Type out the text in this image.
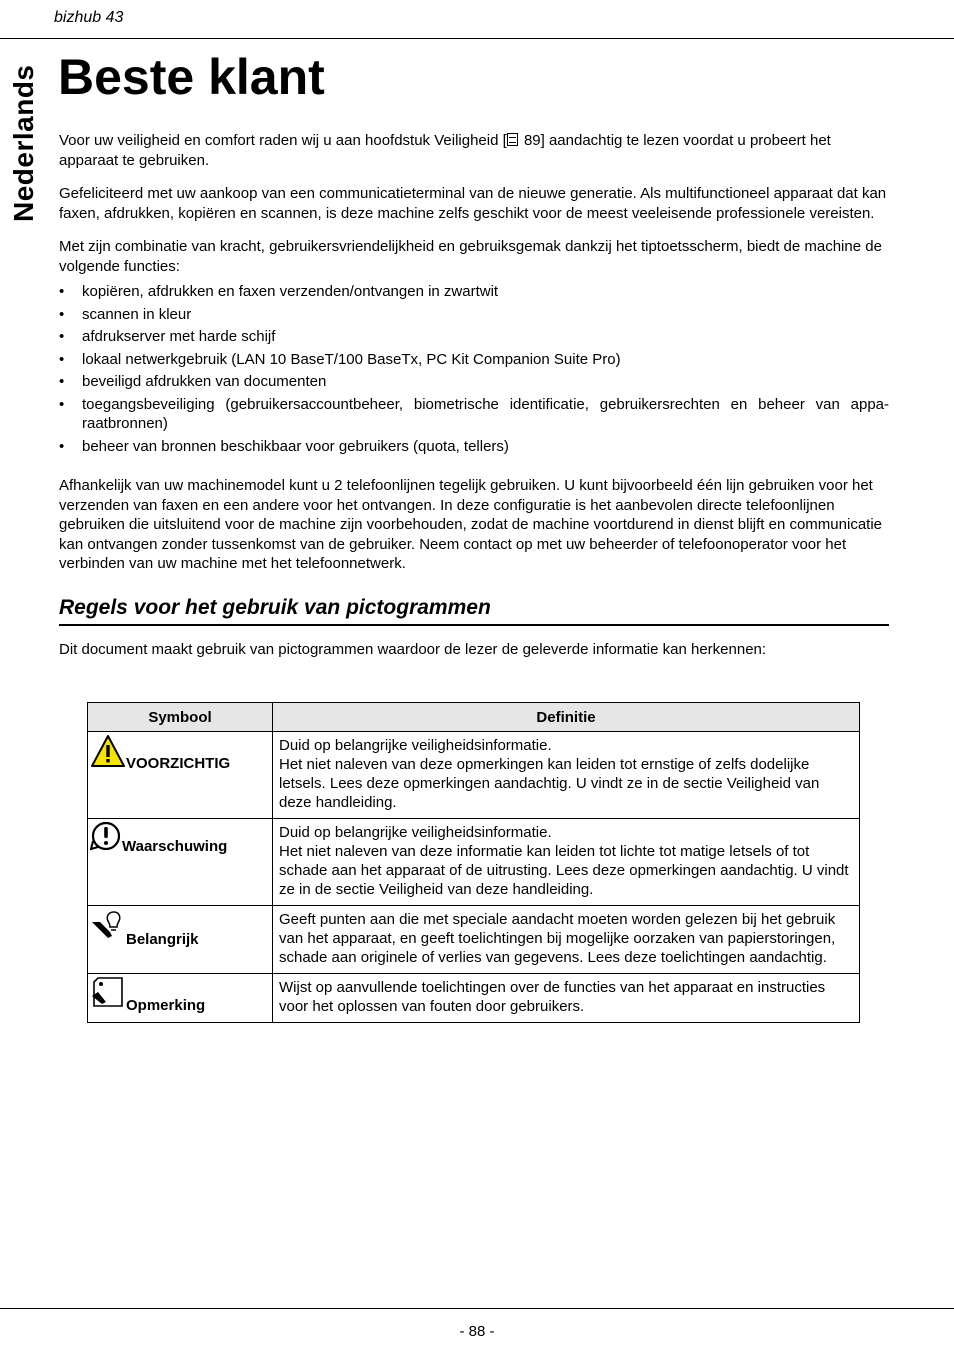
bizhub 43
Nederlands Beste klant

Voor uw veiligheid en comfort raden wij u aan hoofdstuk Veiligheid [ 89] aandachtig te lezen voordat u probeert het apparaat te gebruiken.

Gefeliciteerd met uw aankoop van een communicatieterminal van de nieuwe generatie. Als multifunctioneel apparaat dat kan faxen, afdrukken, kopiëren en scannen, is deze machine zelfs geschikt voor de meest veeleisende professionele vereisten.

Met zijn combinatie van kracht, gebruikersvriendelijkheid en gebruiksgemak dankzij het tiptoetsscherm, biedt de machine de volgende functies:

• kopiëren, afdrukken en faxen verzenden/ontvangen in zwartwit
• scannen in kleur
• afdrukserver met harde schijf
• lokaal netwerkgebruik (LAN 10 BaseT/100 BaseTx, PC Kit Companion Suite Pro)
• beveiligd afdrukken van documenten
• toegangsbeveiliging (gebruikersaccountbeheer, biometrische identificatie, gebruikersrechten en beheer van appa-raatbronnen)
• beheer van bronnen beschikbaar voor gebruikers (quota, tellers)

Afhankelijk van uw machinemodel kunt u 2 telefoonlijnen tegelijk gebruiken. U kunt bijvoorbeeld één lijn gebruiken voor het verzenden van faxen en een andere voor het ontvangen. In deze configuratie is het aanbevolen directe telefoonlijnen gebruiken die uitsluitend voor de machine zijn voorbehouden, zodat de machine voortdurend in dienst blijft en communicatie kan ontvangen zonder tussenkomst van de gebruiker. Neem contact op met uw beheerder of telefoonoperator voor het verbinden van uw machine met het telefoonnetwerk.

Regels voor het gebruik van pictogrammen

Dit document maakt gebruik van pictogrammen waardoor de lezer de geleverde informatie kan herkennen:

Symbool	Definitie

VOORZICHTIG	Duid op belangrijke veiligheidsinformatie.
Het niet naleven van deze opmerkingen kan leiden tot ernstige of zelfs dodelijke letsels. Lees deze opmerkingen aandachtig. U vindt ze in de sectie Veiligheid van deze handleiding.

Waarschuwing	Duid op belangrijke veiligheidsinformatie.
Het niet naleven van deze informatie kan leiden tot lichte tot matige letsels of tot schade aan het apparaat of de uitrusting. Lees deze opmerkingen aandachtig. U vindt ze in de sectie Veiligheid van deze handleiding.

Belangrijk	Geeft punten aan die met speciale aandacht moeten worden gelezen bij het gebruik van het apparaat, en geeft toelichtingen bij mogelijke oorzaken van papierstoringen, schade aan originele of verlies van gegevens. Lees deze toelichtingen aandachtig.

Opmerking	Wijst op aanvullende toelichtingen over de functies van het apparaat en instructies voor het oplossen van fouten door gebruikers.
- 88 -
